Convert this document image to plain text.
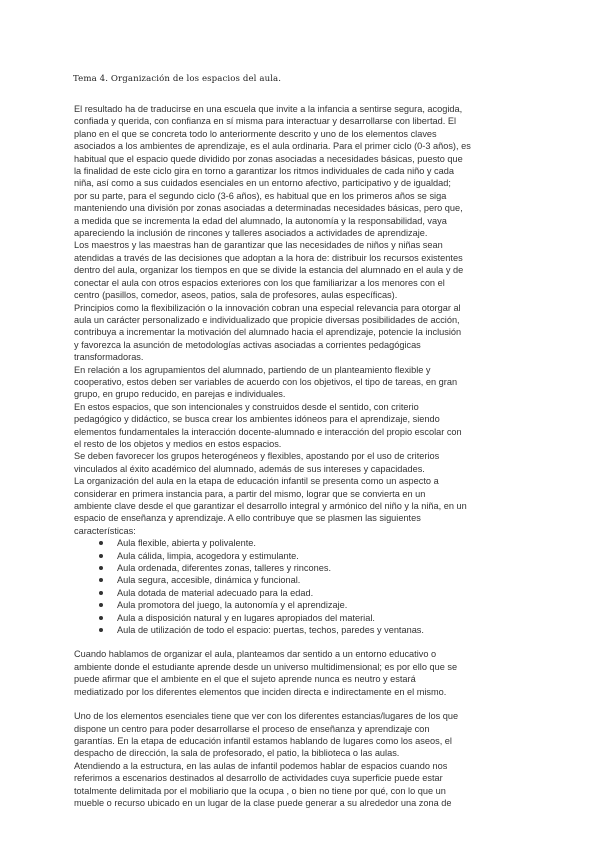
Tema 4. Organización de los espacios del aula.

El resultado ha de traducirse en una escuela que invite a la infancia a sentirse segura, acogida,
confiada y querida, con confianza en sí misma para interactuar y desarrollarse con libertad. El
plano en el que se concreta todo lo anteriormente descrito y uno de los elementos claves
asociados a los ambientes de aprendizaje, es el aula ordinaria. Para el primer ciclo (0-3 años), es
habitual que el espacio quede dividido por zonas asociadas a necesidades básicas, puesto que
la finalidad de este ciclo gira en torno a garantizar los ritmos individuales de cada niño y cada
niña, así como a sus cuidados esenciales en un entorno afectivo, participativo y de igualdad;
por su parte, para el segundo ciclo (3-6 años), es habitual que en los primeros años se siga
manteniendo una división por zonas asociadas a determinadas necesidades básicas, pero que,
a medida que se incrementa la edad del alumnado, la autonomía y la responsabilidad, vaya
apareciendo la inclusión de rincones y talleres asociados a actividades de aprendizaje.

Los maestros y las maestras han de garantizar que las necesidades de niños y niñas sean
atendidas a través de las decisiones que adoptan a la hora de: distribuir los recursos existentes
dentro del aula, organizar los tiempos en que se divide la estancia del alumnado en el aula y de
conectar el aula con otros espacios exteriores con los que familiarizar a los menores con el
centro (pasillos, comedor, aseos, patios, sala de profesores, aulas específicas).

Principios como la flexibilización o la innovación cobran una especial relevancia para otorgar al
aula un carácter personalizado e individualizado que propicie diversas posibilidades de acción,
contribuya a incrementar la motivación del alumnado hacia el aprendizaje, potencie la inclusión
y favorezca la asunción de metodologías activas asociadas a corrientes pedagógicas
transformadoras.

En relación a los agrupamientos del alumnado, partiendo de un planteamiento flexible y
cooperativo, estos deben ser variables de acuerdo con los objetivos, el tipo de tareas, en gran
grupo, en grupo reducido, en parejas e individuales.

En estos espacios, que son intencionales y construidos desde el sentido, con criterio
pedagógico y didáctico, se busca crear los ambientes idóneos para el aprendizaje, siendo
elementos fundamentales la interacción docente-alumnado e interacción del propio escolar con
el resto de los objetos y medios en estos espacios.

Se deben favorecer los grupos heterogéneos y flexibles, apostando por el uso de criterios
vinculados al éxito académico del alumnado, además de sus intereses y capacidades.

La organización del aula en la etapa de educación infantil se presenta como un aspecto a
considerar en primera instancia para, a partir del mismo, lograr que se convierta en un
ambiente clave desde el que garantizar el desarrollo integral y armónico del niño y la niña, en un
espacio de enseñanza y aprendizaje. A ello contribuye que se plasmen las siguientes
características:

Aula flexible, abierta y polivalente.
Aula cálida, limpia, acogedora y estimulante.
Aula ordenada, diferentes zonas, talleres y rincones.
Aula segura, accesible, dinámica y funcional.
Aula dotada de material adecuado para la edad.
Aula promotora del juego, la autonomía y el aprendizaje.
Aula a disposición natural y en lugares apropiados del material.
Aula de utilización de todo el espacio: puertas, techos, paredes y ventanas.

Cuando hablamos de organizar el aula, planteamos dar sentido a un entorno educativo o
ambiente donde el estudiante aprende desde un universo multidimensional; es por ello que se
puede afirmar que el ambiente en el que el sujeto aprende nunca es neutro y estará
mediatizado por los diferentes elementos que inciden directa e indirectamente en el mismo.

Uno de los elementos esenciales tiene que ver con los diferentes estancias/lugares de los que
dispone un centro para poder desarrollarse el proceso de enseñanza y aprendizaje con
garantías. En la etapa de educación infantil estamos hablando de lugares como los aseos, el
despacho de dirección, la sala de profesorado, el patio, la biblioteca o las aulas.
Atendiendo a la estructura, en las aulas de infantil podemos hablar de espacios cuando nos
referimos a escenarios destinados al desarrollo de actividades cuya superficie puede estar
totalmente delimitada por el mobiliario que la ocupa , o bien no tiene por qué, con lo que un
mueble o recurso ubicado en un lugar de la clase puede generar a su alrededor una zona de
